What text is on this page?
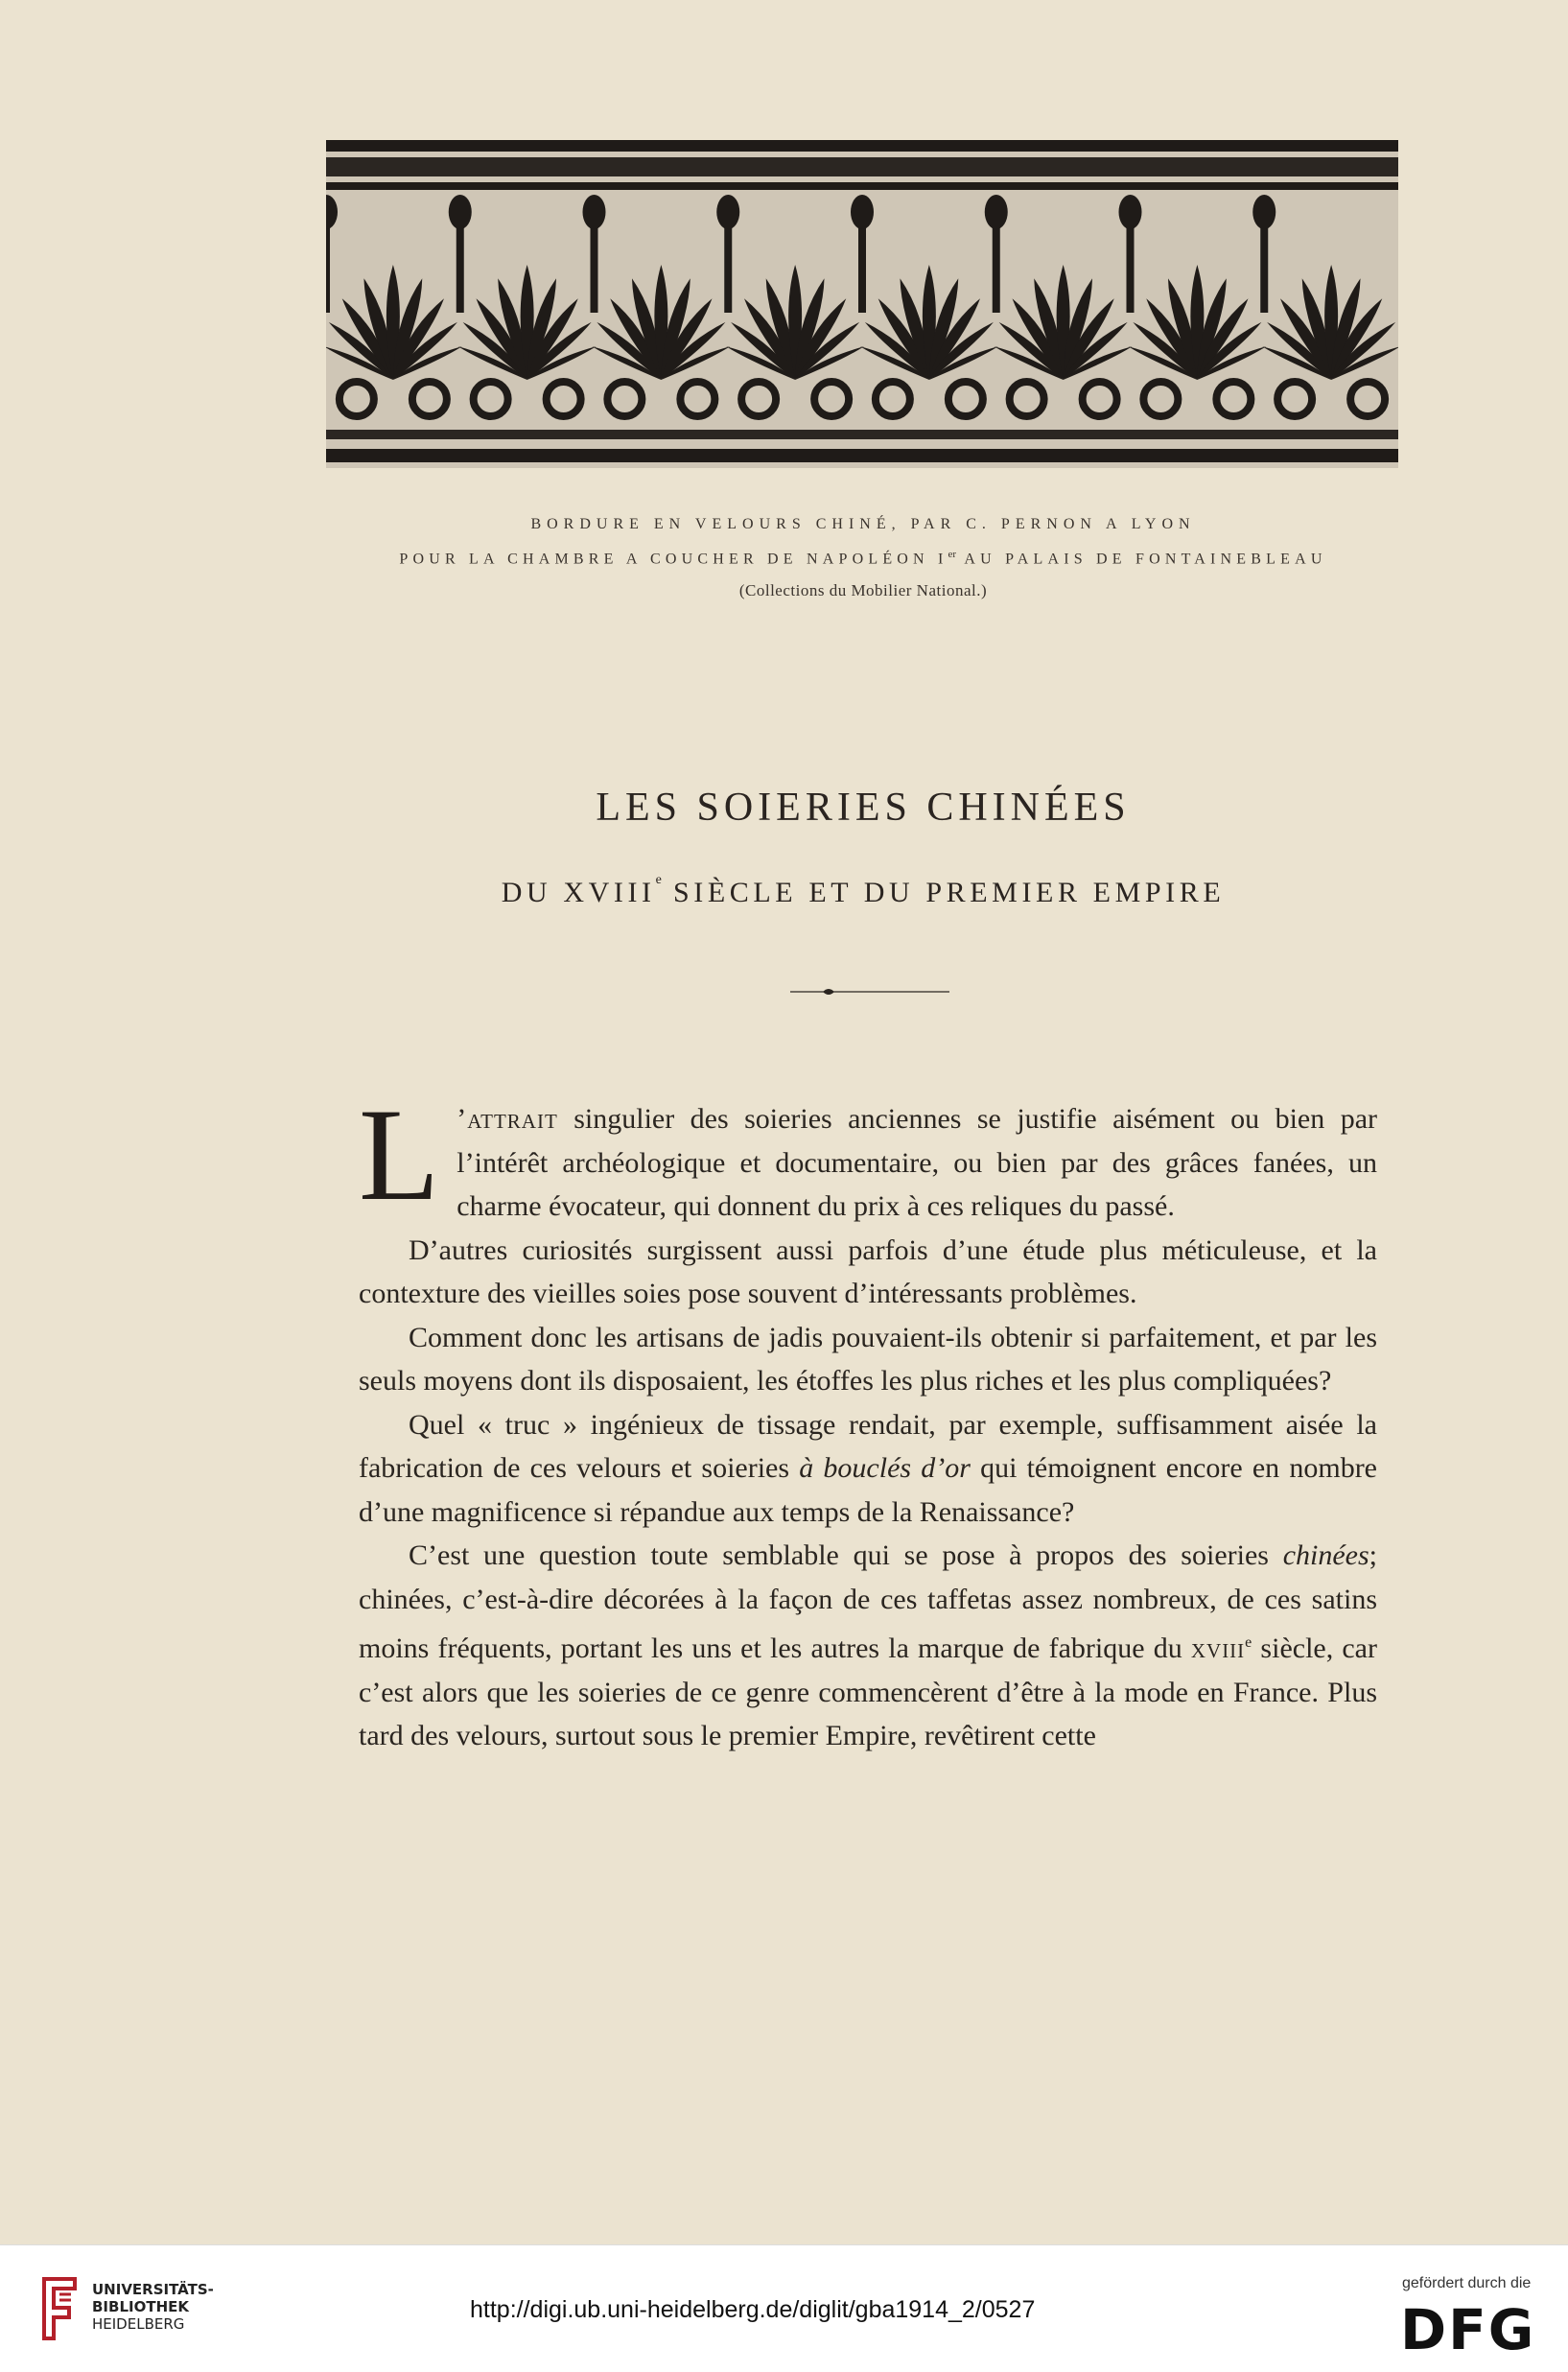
BORDURE EN VELOURS CHINÉ, PAR C. PERNON A LYON
POUR LA CHAMBRE A COUCHER DE NAPOLÉON Ier AU PALAIS DE FONTAINEBLEAU
(Collections du Mobilier National.)
LES SOIERIES CHINÉES
DU XVIIIe SIÈCLE ET DU PREMIER EMPIRE

L ’attrait singulier des soieries anciennes se justifie aisément ou bien par l’intérêt archéologique et documentaire, ou bien par des grâces fanées, un charme évocateur, qui donnent du prix à ces reliques du passé.

D’autres curiosités surgissent aussi parfois d’une étude plus méticuleuse, et la contexture des vieilles soies pose souvent d’intéressants problèmes.

Comment donc les artisans de jadis pouvaient-ils obtenir si parfaitement, et par les seuls moyens dont ils disposaient, les étoffes les plus riches et les plus compliquées?

Quel « truc » ingénieux de tissage rendait, par exemple, suffisamment aisée la fabrication de ces velours et soieries à bouclés d’or qui témoignent encore en nombre d’une magnificence si répandue aux temps de la Renaissance?

C’est une question toute semblable qui se pose à propos des soieries chinées; chinées, c’est-à-dire décorées à la façon de ces taffetas assez nombreux, de ces satins moins fréquents, portant les uns et les autres la marque de fabrique du xviii$^e$ siècle, car c’est alors que les soieries de ce genre commencèrent d’être à la mode en France. Plus tard des velours, surtout sous le premier Empire, revêtirent cette

UNIVERSITÄTS-
BIBLIOTHEK
HEIDELBERG
http://digi.ub.uni-heidelberg.de/diglit/gba1914_2/0527
gefördert durch die
DFG
